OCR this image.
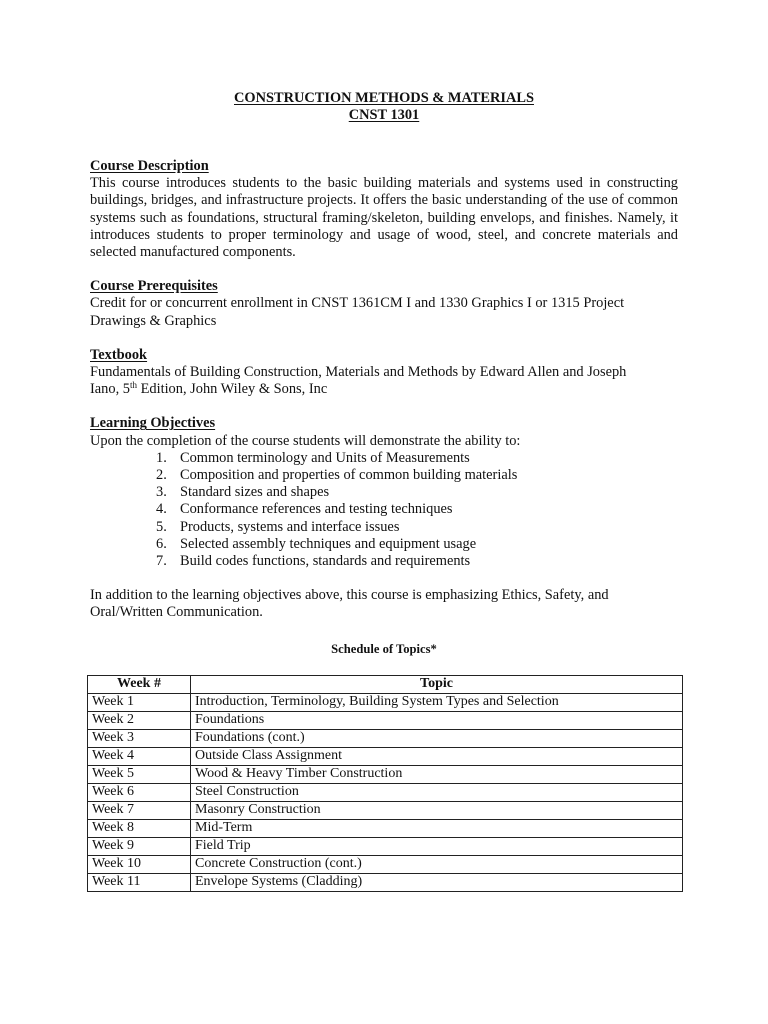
CONSTRUCTION METHODS & MATERIALS
CNST 1301
Course Description

This course introduces students to the basic building materials and systems used in constructing buildings, bridges, and infrastructure projects. It offers the basic understanding of the use of common systems such as foundations, structural framing/skeleton, building envelops, and finishes. Namely, it introduces students to proper terminology and usage of wood, steel, and concrete materials and selected manufactured components.

Course Prerequisites

Credit for or concurrent enrollment in CNST 1361CM I and 1330 Graphics I or 1315 Project

Drawings & Graphics

Textbook

Fundamentals of Building Construction, Materials and Methods by Edward Allen and Joseph

Iano, 5th Edition, John Wiley & Sons, Inc

Learning Objectives

Upon the completion of the course students will demonstrate the ability to:

1. Common terminology and Units of Measurements
2. Composition and properties of common building materials
3. Standard sizes and shapes
4. Conformance references and testing techniques
5. Products, systems and interface issues
6. Selected assembly techniques and equipment usage
7. Build codes functions, standards and requirements

In addition to the learning objectives above, this course is emphasizing Ethics, Safety, and

Oral/Written Communication.

Schedule of Topics*

Week #	Topic
Week 1	Introduction, Terminology, Building System Types and Selection
Week 2	Foundations
Week 3	Foundations (cont.)
Week 4	Outside Class Assignment
Week 5	Wood & Heavy Timber Construction
Week 6	Steel Construction
Week 7	Masonry Construction
Week 8	Mid-Term
Week 9	Field Trip
Week 10	Concrete Construction (cont.)
Week 11	Envelope Systems (Cladding)
